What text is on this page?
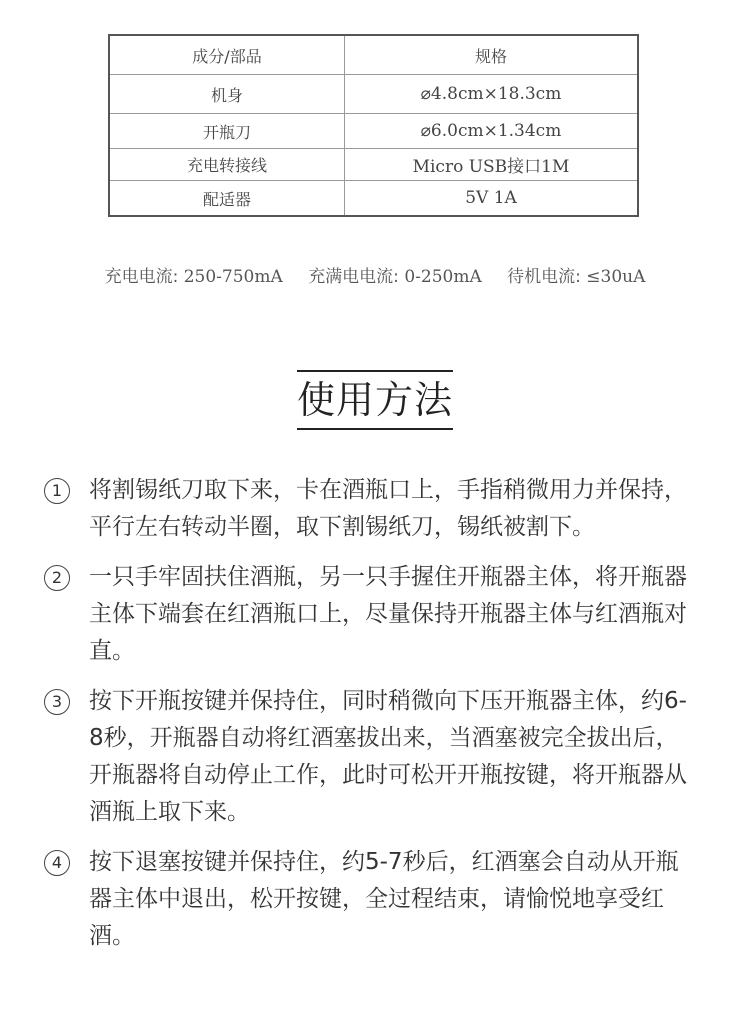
成分/部品	规格
机身	⌀4.8cm×18.3cm
开瓶刀	⌀6.0cm×1.34cm
充电转接线	Micro USB接口1M
配适器	5V 1A
充电电流: 250-750mA 充满电电流: 0-250mA 待机电流: ≤30uA
使用方法
1	将割锡纸刀取下来，卡在酒瓶口上，手指稍微用力并保持，平行左右转动半圈，取下割锡纸刀，锡纸被割下。
2	一只手牢固扶住酒瓶，另一只手握住开瓶器主体，将开瓶器主体下端套在红酒瓶口上，尽量保持开瓶器主体与红酒瓶对直。
3	按下开瓶按键并保持住，同时稍微向下压开瓶器主体，约6-8秒，开瓶器自动将红酒塞拔出来，当酒塞被完全拔出后，开瓶器将自动停止工作，此时可松开开瓶按键，将开瓶器从酒瓶上取下来。
4	按下退塞按键并保持住，约5-7秒后，红酒塞会自动从开瓶器主体中退出，松开按键，全过程结束，请愉悦地享受红酒。
